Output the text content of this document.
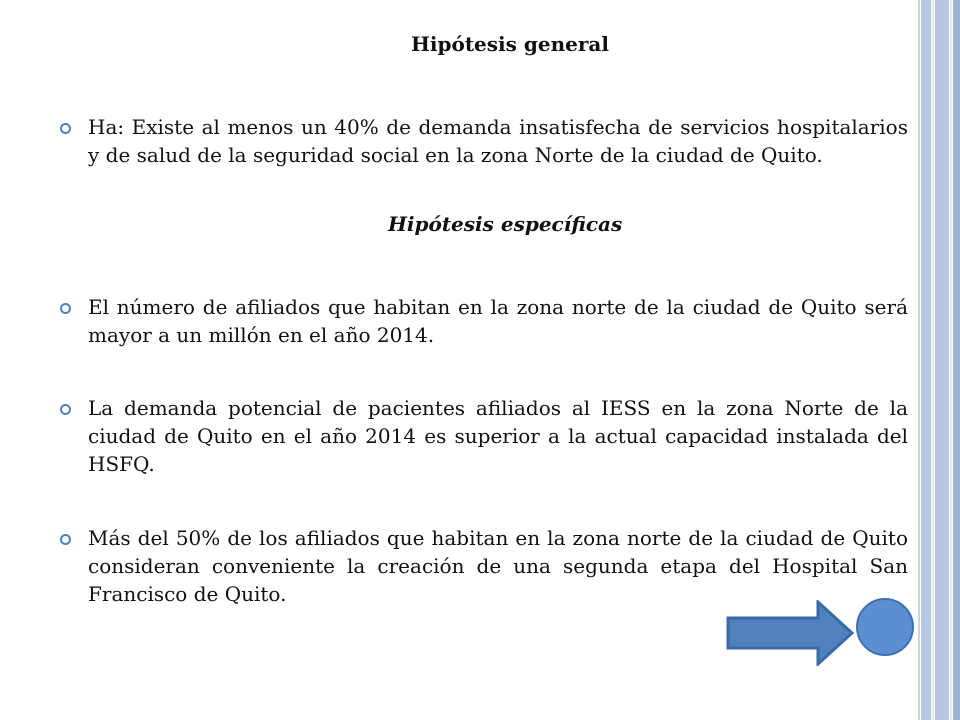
Hipótesis general
Ha: Existe al menos un 40% de demanda insatisfecha de servicios hospitalarios y de salud de la seguridad social en la zona Norte de la ciudad de Quito.
Hipótesis específicas
El número de afiliados que habitan en la zona norte de la ciudad de Quito será mayor a un millón en el año 2014.
La demanda potencial de pacientes afiliados al IESS en la zona Norte de la ciudad de Quito en el año 2014 es superior a la actual capacidad instalada del HSFQ.
Más del 50% de los afiliados que habitan en la zona norte de la ciudad de Quito consideran conveniente la creación de una segunda etapa del Hospital San Francisco de Quito.
